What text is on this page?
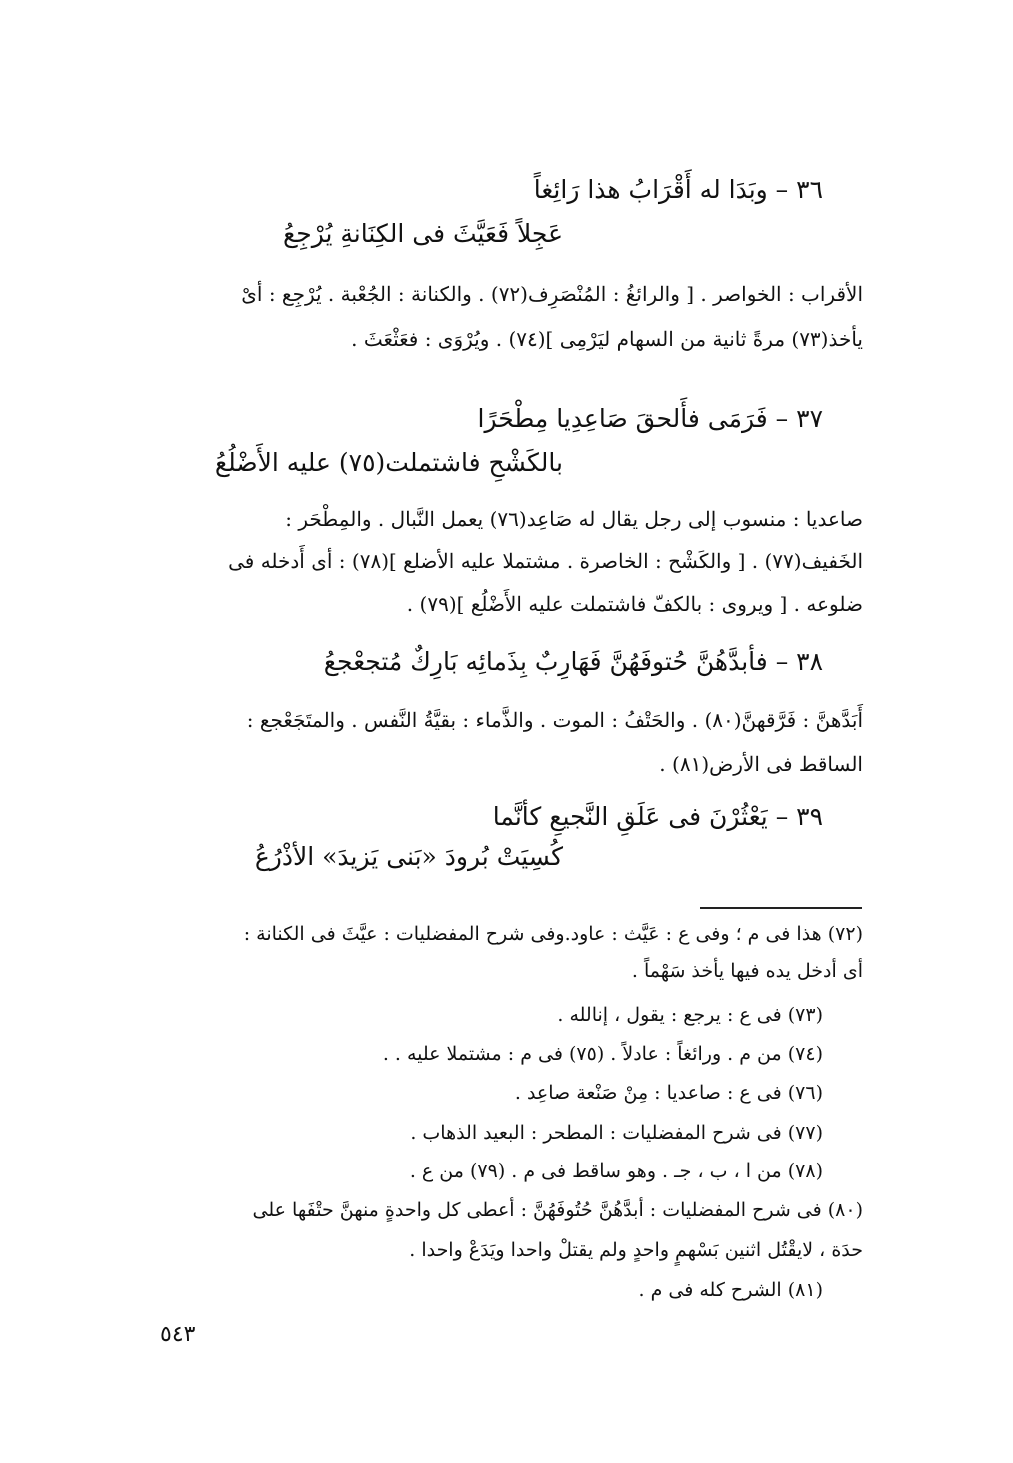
٣٦ – وبَدَا له أَقْرَابُ هذا رَائِغاً
عَجِلاً فَعَيَّثَ فى الكِنَانةِ يُرْجِعُ
الأقراب : الخواصر . [ والرائغُ : المُنْصَرِف(٧٢) . والكنانة : الجُعْبة . يُرْجِع : أىْ
يأخذ(٧٣) مرةً ثانية من السهام ليَرْمِى ](٧٤) . ويُرْوَى : فعَثْعَثَ .
٣٧ – فَرَمَى فأَلحقَ صَاعِدِيا مِطْحَرًا
بالكَشْحِ فاشتملت(٧٥) عليه الأَضْلُعُ
صاعديا : منسوب إلى رجل يقال له صَاعِد(٧٦) يعمل النَّبال . والمِطْحَر :
الخَفيف(٧٧) . [ والكَشْح : الخاصرة . مشتملا عليه الأضلع ](٧٨) : أى أَدخله فى
ضلوعه . [ ويروى : بالكفّ فاشتملت عليه الأَضْلُع ](٧٩) .
٣٨ – فأبدَّهُنَّ حُتوفَهُنَّ فَهَارِبٌ بِذَمائِه بَارِكٌ مُتجعْجعُ
أَبَدَّهنَّ : فَرَّقهنَّ(٨٠) . والحَتْفُ : الموت . والذَّماء : بقيَّةُ النَّفس . والمتَجَعْجع :
الساقط فى الأرض(٨١) .
٣٩ – يَعْثُرْنَ فى عَلَقِ النَّجيعِ كأنَّما
كُسِيَتْ بُرودَ «بَنى يَزيدَ» الأذْرُعُ
(٧٢) هذا فى م ؛ وفى ع : عَيَّث : عاود.وفى شرح المفضليات : عيَّثَ فى الكنانة :
أى أدخل يده فيها يأخذ سَهْماً .
(٧٣) فى ع : يرجع : يقول ، إنالله .
(٧٤) من م . ورائغاً : عادلاً . (٧٥) فى م : مشتملا عليه . .
(٧٦) فى ع : صاعديا : مِنْ صَنْعة صاعِد .
(٧٧) فى شرح المفضليات : المطحر : البعيد الذهاب .
(٧٨) من ا ، ب ، جـ . وهو ساقط فى م . (٧٩) من ع .
(٨٠) فى شرح المفضليات : أبدَّهُنَّ حُتُوفَهُنَّ : أعطى كل واحدةٍ منهنَّ حتْفَها على
حدَة ، لايقْتُل اثنين بَسْهمٍ واحدٍ ولم يقتلْ واحدا ويَدَعْ واحدا .
(٨١) الشرح كله فى م .
٥٤٣
